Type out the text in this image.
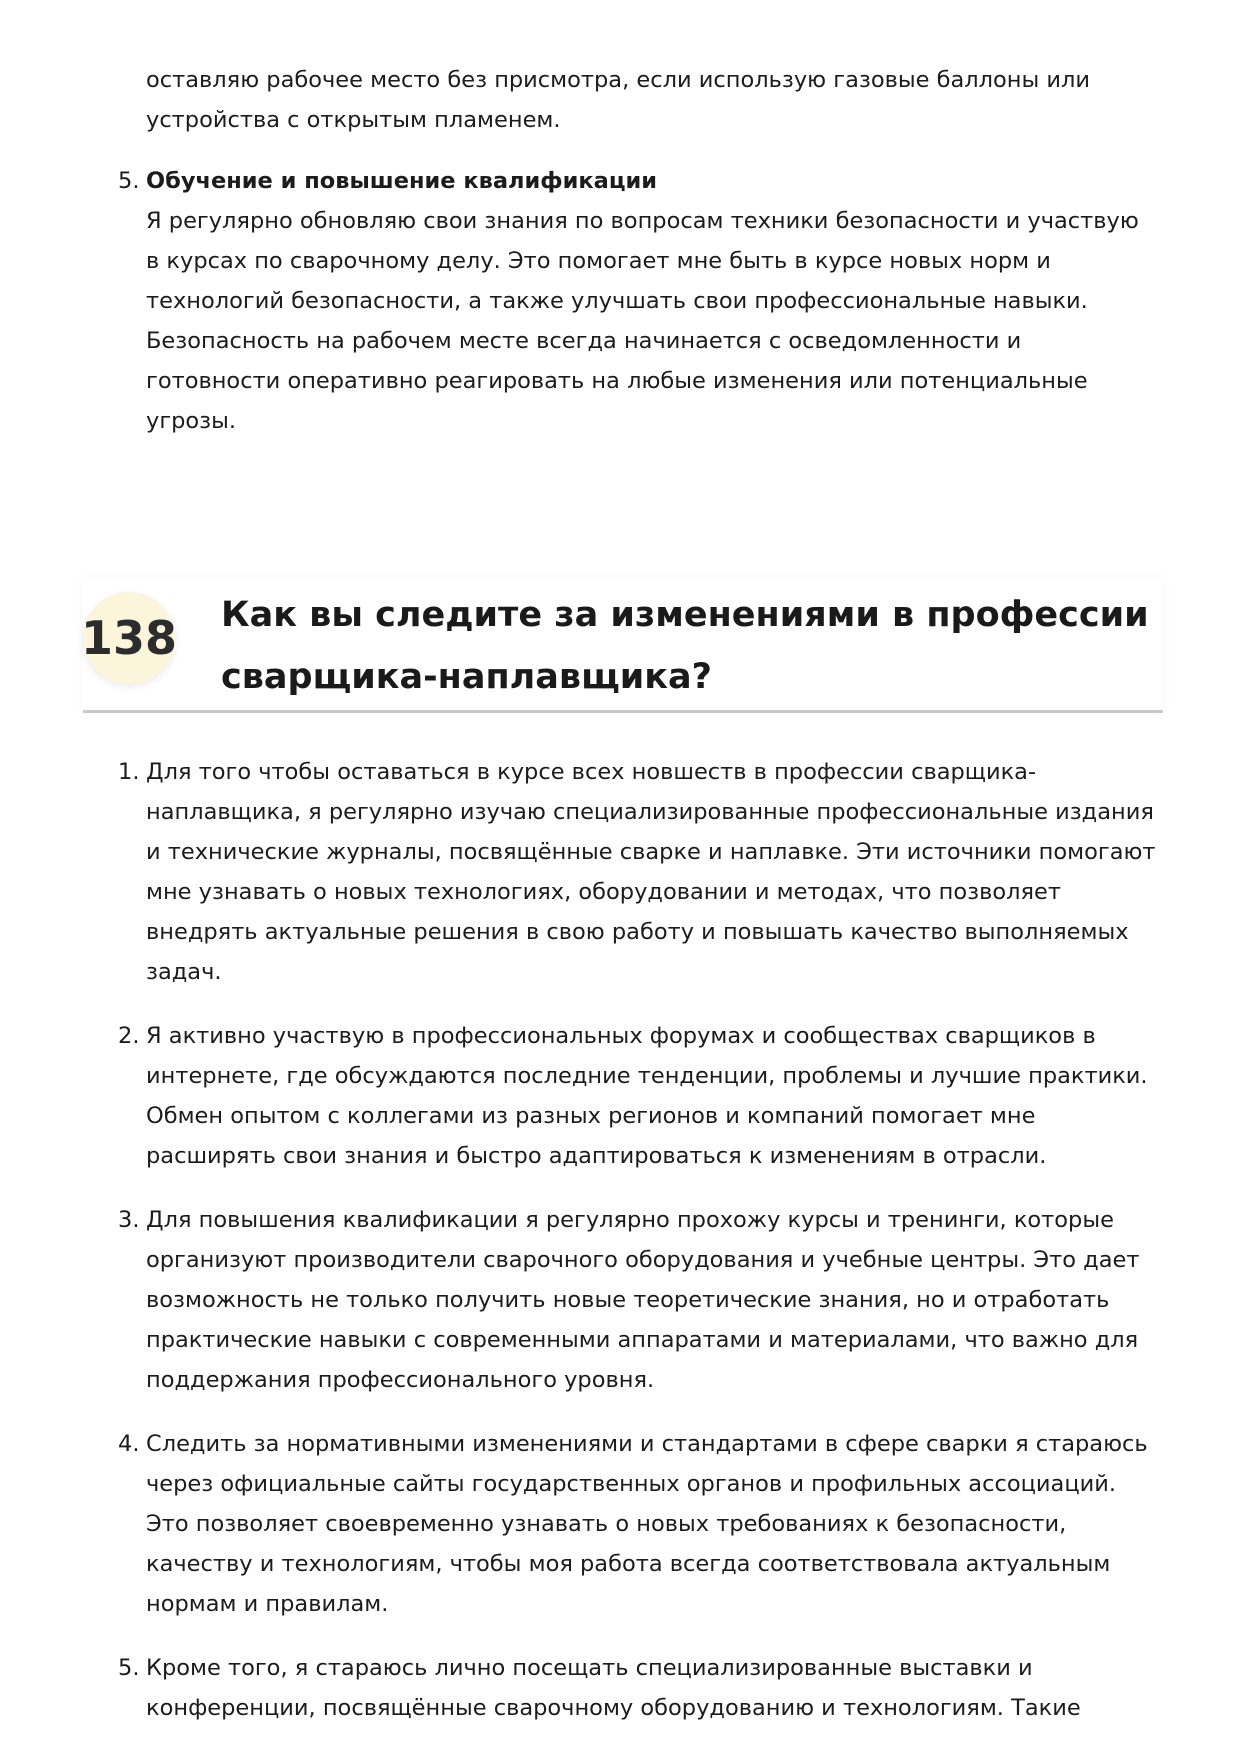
оставляю рабочее место без присмотра, если использую газовые баллоны или устройства с открытым пламенем.

5. Обучение и повышение квалификации
Я регулярно обновляю свои знания по вопросам техники безопасности и участвую в курсах по сварочному делу. Это помогает мне быть в курсе новых норм и технологий безопасности, а также улучшать свои профессиональные навыки. Безопасность на рабочем месте всегда начинается с осведомленности и готовности оперативно реагировать на любые изменения или потенциальные угрозы.
138 Как вы следите за изменениями в профессии сварщика-наплавщика?
1. Для того чтобы оставаться в курсе всех новшеств в профессии сварщика-наплавщика, я регулярно изучаю специализированные профессиональные издания и технические журналы, посвящённые сварке и наплавке. Эти источники помогают мне узнавать о новых технологиях, оборудовании и методах, что позволяет внедрять актуальные решения в свою работу и повышать качество выполняемых задач.
2. Я активно участвую в профессиональных форумах и сообществах сварщиков в интернете, где обсуждаются последние тенденции, проблемы и лучшие практики. Обмен опытом с коллегами из разных регионов и компаний помогает мне расширять свои знания и быстро адаптироваться к изменениям в отрасли.
3. Для повышения квалификации я регулярно прохожу курсы и тренинги, которые организуют производители сварочного оборудования и учебные центры. Это дает возможность не только получить новые теоретические знания, но и отработать практические навыки с современными аппаратами и материалами, что важно для поддержания профессионального уровня.
4. Следить за нормативными изменениями и стандартами в сфере сварки я стараюсь через официальные сайты государственных органов и профильных ассоциаций. Это позволяет своевременно узнавать о новых требованиях к безопасности, качеству и технологиям, чтобы моя работа всегда соответствовала актуальным нормам и правилам.
5. Кроме того, я стараюсь лично посещать специализированные выставки и конференции, посвящённые сварочному оборудованию и технологиям. Такие
